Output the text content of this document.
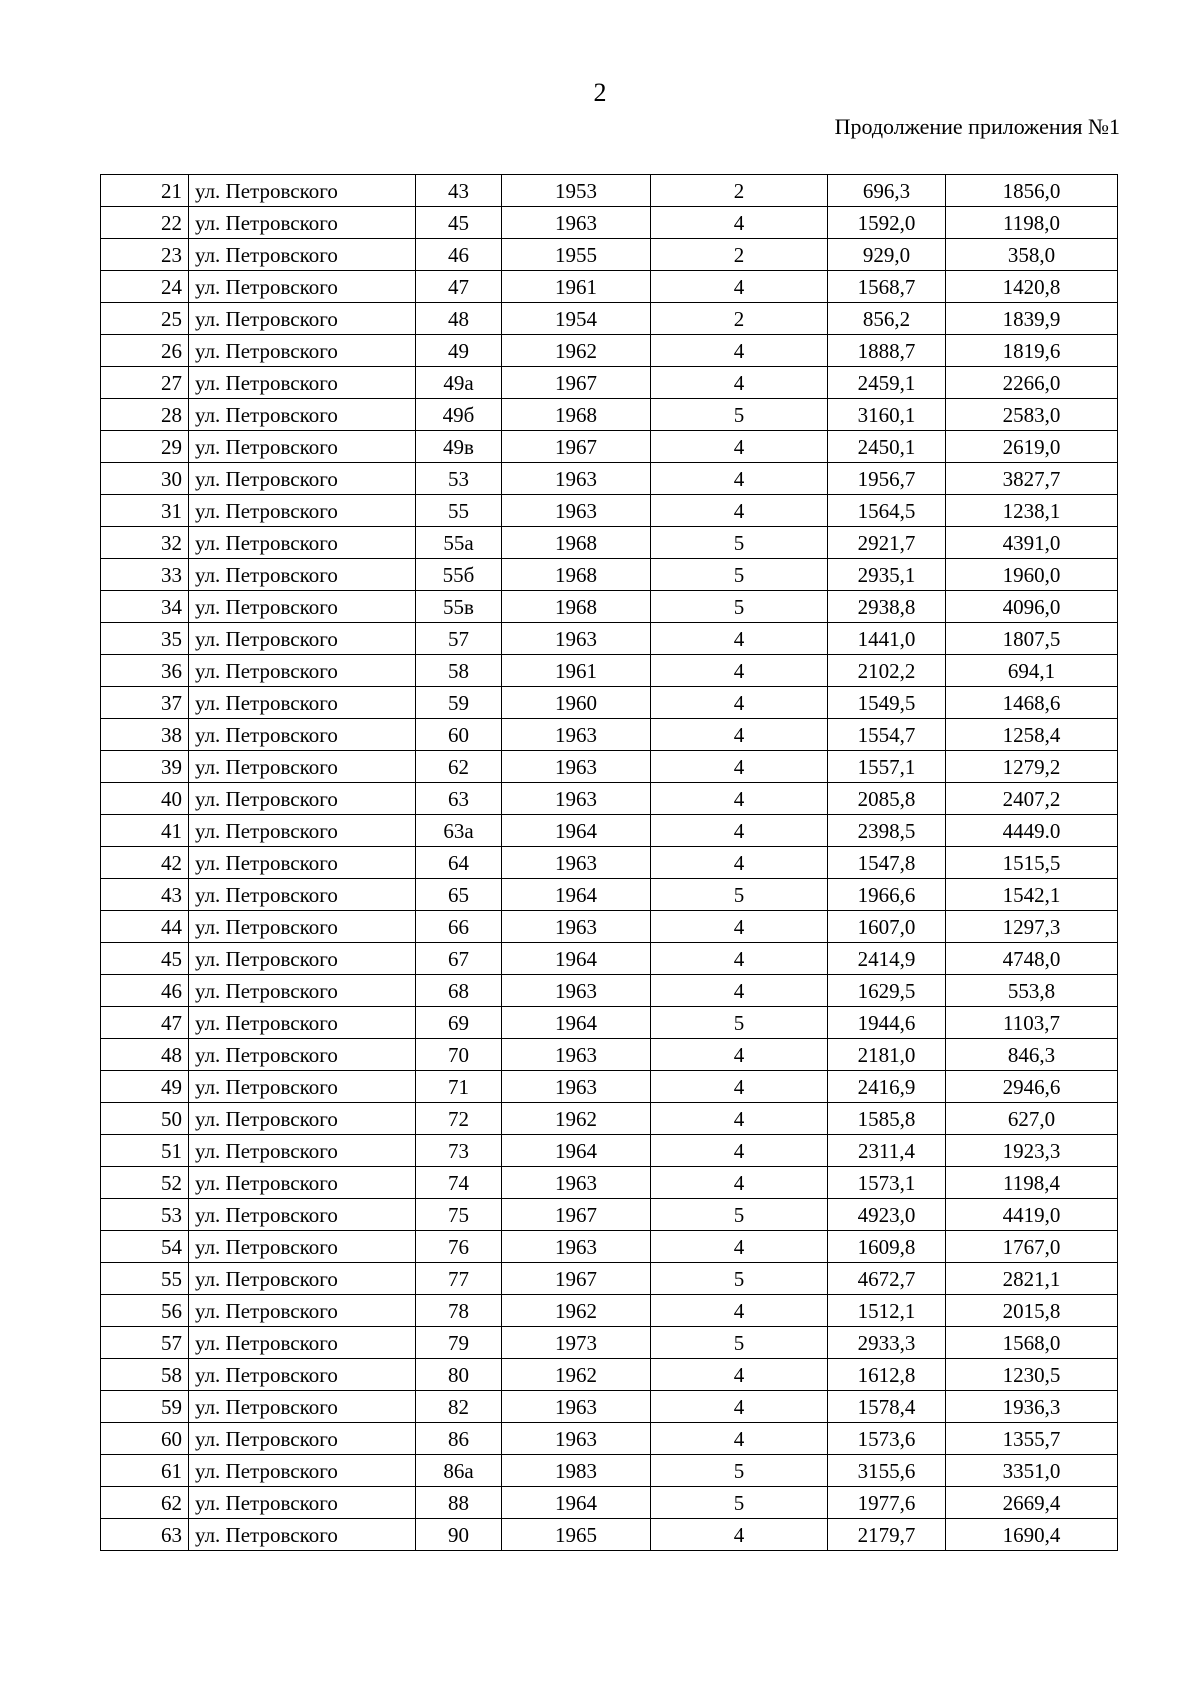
2
Продолжение приложения №1
21	ул. Петровского	43	1953	2	696,3	1856,0
22	ул. Петровского	45	1963	4	1592,0	1198,0
23	ул. Петровского	46	1955	2	929,0	358,0
24	ул. Петровского	47	1961	4	1568,7	1420,8
25	ул. Петровского	48	1954	2	856,2	1839,9
26	ул. Петровского	49	1962	4	1888,7	1819,6
27	ул. Петровского	49а	1967	4	2459,1	2266,0
28	ул. Петровского	49б	1968	5	3160,1	2583,0
29	ул. Петровского	49в	1967	4	2450,1	2619,0
30	ул. Петровского	53	1963	4	1956,7	3827,7
31	ул. Петровского	55	1963	4	1564,5	1238,1
32	ул. Петровского	55а	1968	5	2921,7	4391,0
33	ул. Петровского	55б	1968	5	2935,1	1960,0
34	ул. Петровского	55в	1968	5	2938,8	4096,0
35	ул. Петровского	57	1963	4	1441,0	1807,5
36	ул. Петровского	58	1961	4	2102,2	694,1
37	ул. Петровского	59	1960	4	1549,5	1468,6
38	ул. Петровского	60	1963	4	1554,7	1258,4
39	ул. Петровского	62	1963	4	1557,1	1279,2
40	ул. Петровского	63	1963	4	2085,8	2407,2
41	ул. Петровского	63а	1964	4	2398,5	4449.0
42	ул. Петровского	64	1963	4	1547,8	1515,5
43	ул. Петровского	65	1964	5	1966,6	1542,1
44	ул. Петровского	66	1963	4	1607,0	1297,3
45	ул. Петровского	67	1964	4	2414,9	4748,0
46	ул. Петровского	68	1963	4	1629,5	553,8
47	ул. Петровского	69	1964	5	1944,6	1103,7
48	ул. Петровского	70	1963	4	2181,0	846,3
49	ул. Петровского	71	1963	4	2416,9	2946,6
50	ул. Петровского	72	1962	4	1585,8	627,0
51	ул. Петровского	73	1964	4	2311,4	1923,3
52	ул. Петровского	74	1963	4	1573,1	1198,4
53	ул. Петровского	75	1967	5	4923,0	4419,0
54	ул. Петровского	76	1963	4	1609,8	1767,0
55	ул. Петровского	77	1967	5	4672,7	2821,1
56	ул. Петровского	78	1962	4	1512,1	2015,8
57	ул. Петровского	79	1973	5	2933,3	1568,0
58	ул. Петровского	80	1962	4	1612,8	1230,5
59	ул. Петровского	82	1963	4	1578,4	1936,3
60	ул. Петровского	86	1963	4	1573,6	1355,7
61	ул. Петровского	86а	1983	5	3155,6	3351,0
62	ул. Петровского	88	1964	5	1977,6	2669,4
63	ул. Петровского	90	1965	4	2179,7	1690,4
